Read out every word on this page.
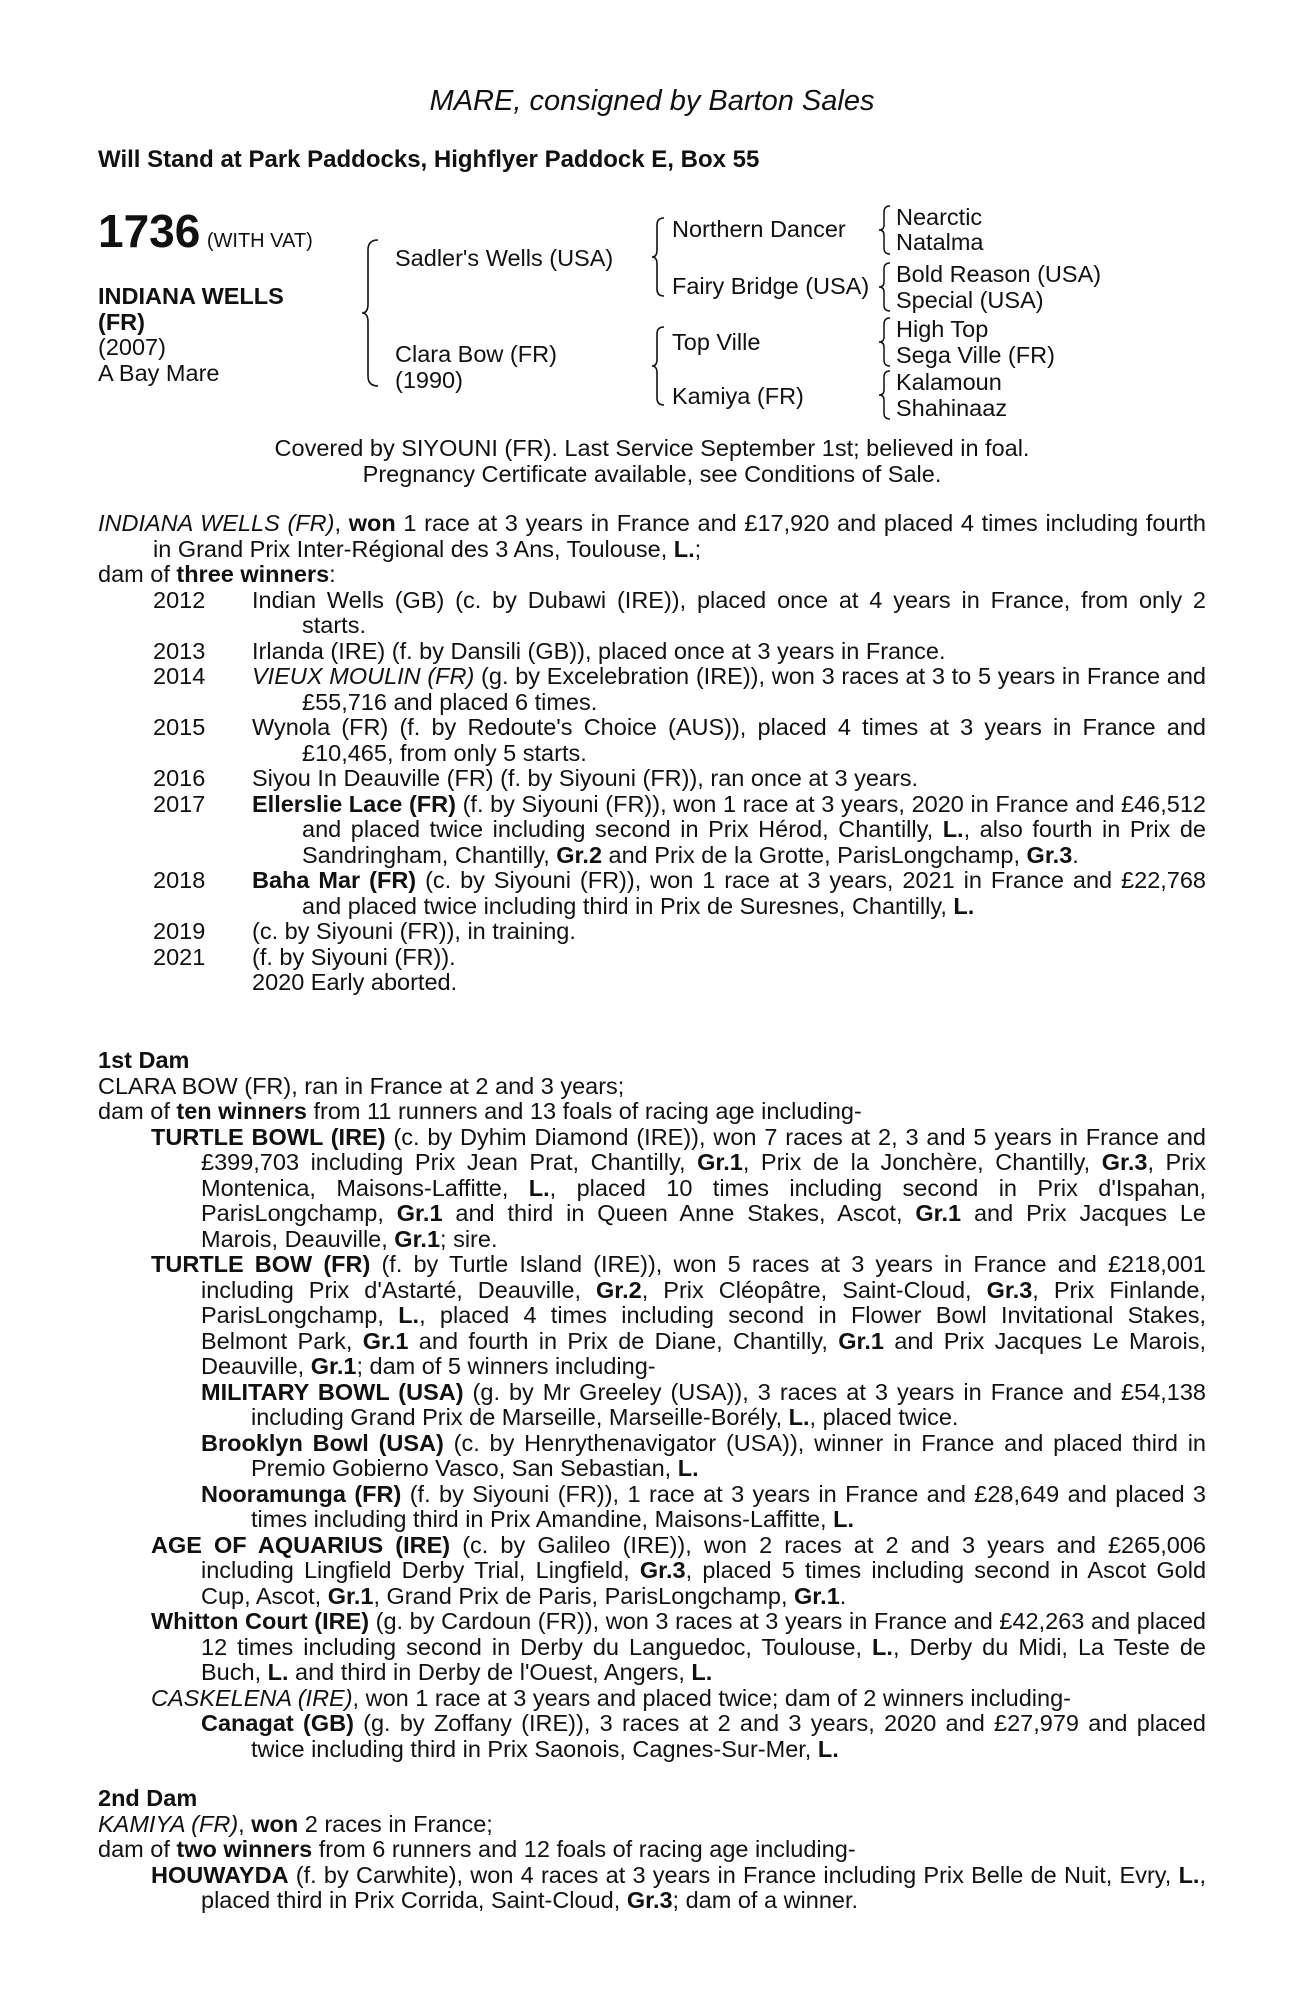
MARE, consigned by Barton Sales
Will Stand at Park Paddocks, Highflyer Paddock E, Box 55
1736 (WITH VAT)
INDIANA WELLS
(FR)
(2007)
A Bay Mare
Sadler's Wells (USA)
Clara Bow (FR)
(1990)
Northern Dancer
Fairy Bridge (USA)
Top Ville
Kamiya (FR)
Nearctic
Natalma
Bold Reason (USA)
Special (USA)
High Top
Sega Ville (FR)
Kalamoun
Shahinaaz
Covered by SIYOUNI (FR). Last Service September 1st; believed in foal.
Pregnancy Certificate available, see Conditions of Sale.

INDIANA WELLS (FR), won 1 race at 3 years in France and £17,920 and placed 4 times including fourth in Grand Prix Inter-Régional des 3 Ans, Toulouse, L.;

dam of three winners:

2012	Indian Wells (GB) (c. by Dubawi (IRE)), placed once at 4 years in France, from only 2 starts.
2013	Irlanda (IRE) (f. by Dansili (GB)), placed once at 3 years in France.
2014	VIEUX MOULIN (FR) (g. by Excelebration (IRE)), won 3 races at 3 to 5 years in France and £55,716 and placed 6 times.
2015	Wynola (FR) (f. by Redoute's Choice (AUS)), placed 4 times at 3 years in France and £10,465, from only 5 starts.
2016	Siyou In Deauville (FR) (f. by Siyouni (FR)), ran once at 3 years.
2017	Ellerslie Lace (FR) (f. by Siyouni (FR)), won 1 race at 3 years, 2020 in France and £46,512 and placed twice including second in Prix Hérod, Chantilly, L., also fourth in Prix de Sandringham, Chantilly, Gr.2 and Prix de la Grotte, ParisLongchamp, Gr.3.
2018	Baha Mar (FR) (c. by Siyouni (FR)), won 1 race at 3 years, 2021 in France and £22,768 and placed twice including third in Prix de Suresnes, Chantilly, L.
2019	(c. by Siyouni (FR)), in training.
2021	(f. by Siyouni (FR)).
2020 Early aborted.

1st Dam

CLARA BOW (FR), ran in France at 2 and 3 years;

dam of ten winners from 11 runners and 13 foals of racing age including-

TURTLE BOWL (IRE) (c. by Dyhim Diamond (IRE)), won 7 races at 2, 3 and 5 years in France and £399,703 including Prix Jean Prat, Chantilly, Gr.1, Prix de la Jonchère, Chantilly, Gr.3, Prix Montenica, Maisons-Laffitte, L., placed 10 times including second in Prix d'Ispahan, ParisLongchamp, Gr.1 and third in Queen Anne Stakes, Ascot, Gr.1 and Prix Jacques Le Marois, Deauville, Gr.1; sire.

TURTLE BOW (FR) (f. by Turtle Island (IRE)), won 5 races at 3 years in France and £218,001 including Prix d'Astarté, Deauville, Gr.2, Prix Cléopâtre, Saint-Cloud, Gr.3, Prix Finlande, ParisLongchamp, L., placed 4 times including second in Flower Bowl Invitational Stakes, Belmont Park, Gr.1 and fourth in Prix de Diane, Chantilly, Gr.1 and Prix Jacques Le Marois, Deauville, Gr.1; dam of 5 winners including-

MILITARY BOWL (USA) (g. by Mr Greeley (USA)), 3 races at 3 years in France and £54,138 including Grand Prix de Marseille, Marseille-Borély, L., placed twice.

Brooklyn Bowl (USA) (c. by Henrythenavigator (USA)), winner in France and placed third in Premio Gobierno Vasco, San Sebastian, L.

Nooramunga (FR) (f. by Siyouni (FR)), 1 race at 3 years in France and £28,649 and placed 3 times including third in Prix Amandine, Maisons-Laffitte, L.

AGE OF AQUARIUS (IRE) (c. by Galileo (IRE)), won 2 races at 2 and 3 years and £265,006 including Lingfield Derby Trial, Lingfield, Gr.3, placed 5 times including second in Ascot Gold Cup, Ascot, Gr.1, Grand Prix de Paris, ParisLongchamp, Gr.1.

Whitton Court (IRE) (g. by Cardoun (FR)), won 3 races at 3 years in France and £42,263 and placed 12 times including second in Derby du Languedoc, Toulouse, L., Derby du Midi, La Teste de Buch, L. and third in Derby de l'Ouest, Angers, L.

CASKELENA (IRE), won 1 race at 3 years and placed twice; dam of 2 winners including-

Canagat (GB) (g. by Zoffany (IRE)), 3 races at 2 and 3 years, 2020 and £27,979 and placed twice including third in Prix Saonois, Cagnes-Sur-Mer, L.

2nd Dam

KAMIYA (FR), won 2 races in France;

dam of two winners from 6 runners and 12 foals of racing age including-

HOUWAYDA (f. by Carwhite), won 4 races at 3 years in France including Prix Belle de Nuit, Evry, L., placed third in Prix Corrida, Saint-Cloud, Gr.3; dam of a winner.
